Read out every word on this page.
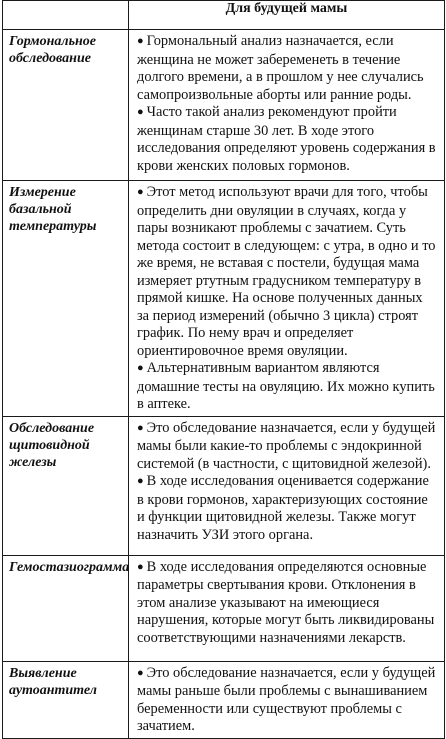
	Для будущей мамы
Гормональное обследование	● Гормональный анализ назначается, если женщина не может забеременеть в течение долгого времени, а в прошлом у нее случались самопроизвольные аборты или ранние роды.

● Часто такой анализ рекомендуют пройти женщинам старше 30 лет. В ходе этого исследования определяют уровень содержания в крови женских половых гормонов.

Измерение базальной температуры	● Этот метод используют врачи для того, чтобы определить дни овуляции в случаях, когда у пары возникают проблемы с зачатием. Суть метода состоит в следующем: с утра, в одно и то же время, не вставая с постели, будущая мама измеряет ртутным градусником температуру в прямой кишке. На основе полученных данных за период измерений (обычно 3 цикла) строят график. По нему врач и определяет ориентировочное время овуляции.

● Альтернативным вариантом являются домашние тесты на овуляцию. Их можно купить в аптеке.

Обследование щитовидной железы	● Это обследование назначается, если у будущей мамы были какие-то проблемы с эндокринной системой (в частности, с щитовидной железой).

● В ходе исследования оценивается содержание в крови гормонов, характеризующих состояние и функции щитовидной железы. Также могут назначить УЗИ этого органа.

Гемостазиограмма	● В ходе исследования определяются основные параметры свертывания крови. Отклонения в этом анализе указывают на имеющиеся нарушения, которые могут быть ликвидированы соответствующими назначениями лекарств.

Выявление аутоантител	● Это обследование назначается, если у будущей мамы раньше были проблемы с вынашиванием беременности или существуют проблемы с зачатием.
